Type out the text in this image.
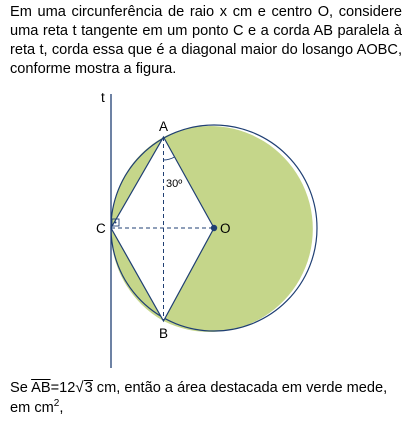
Em uma circunferência de raio x cm e centro O, considere uma reta t tangente em um ponto C e a corda AB paralela à reta t, corda essa que é a diagonal maior do losango AOBC, conforme mostra a figura.
t
A
B
C	O
30º
Se $\overline{AB}=12√3$ cm, então a área destacada em verde mede, em $cm^2$,
